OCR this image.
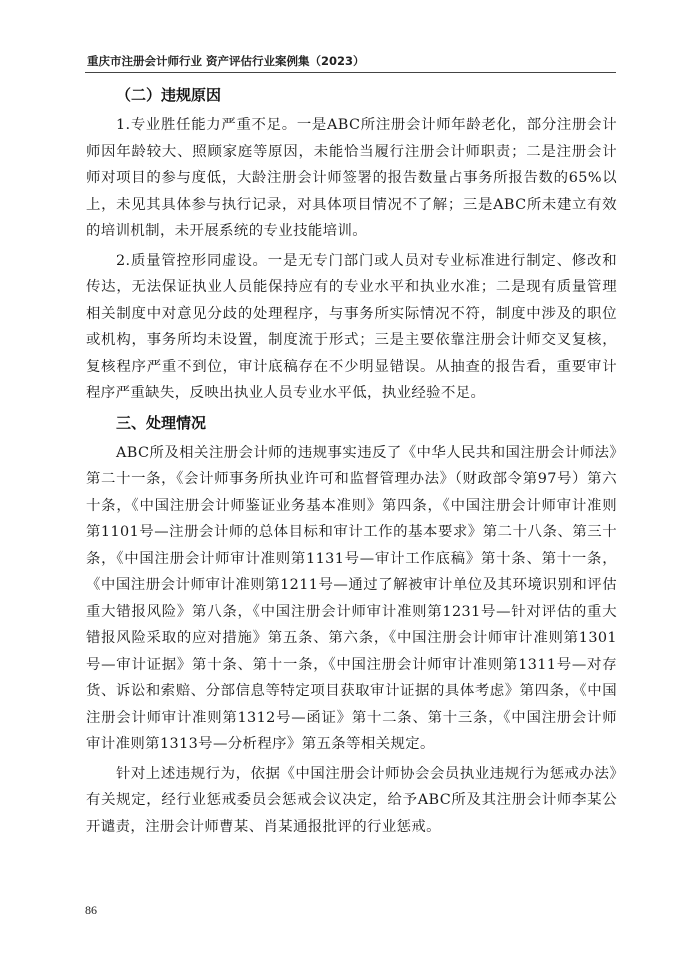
重庆市注册会计师行业 资产评估行业案例集（2023）
（二）违规原因

1.专业胜任能力严重不足。一是ABC所注册会计师年龄老化，部分注册会计师因年龄较大、照顾家庭等原因，未能恰当履行注册会计师职责；二是注册会计师对项目的参与度低，大龄注册会计师签署的报告数量占事务所报告数的65%以上，未见其具体参与执行记录，对具体项目情况不了解；三是ABC所未建立有效的培训机制，未开展系统的专业技能培训。

2.质量管控形同虚设。一是无专门部门或人员对专业标准进行制定、修改和传达，无法保证执业人员能保持应有的专业水平和执业水准；二是现有质量管理相关制度中对意见分歧的处理程序，与事务所实际情况不符，制度中涉及的职位或机构，事务所均未设置，制度流于形式；三是主要依靠注册会计师交叉复核，复核程序严重不到位，审计底稿存在不少明显错误。从抽查的报告看，重要审计程序严重缺失，反映出执业人员专业水平低，执业经验不足。

三、处理情况

ABC所及相关注册会计师的违规事实违反了《中华人民共和国注册会计师法》第二十一条，《会计师事务所执业许可和监督管理办法》（财政部令第97号）第六十条，《中国注册会计师鉴证业务基本准则》第四条，《中国注册会计师审计准则第1101号—注册会计师的总体目标和审计工作的基本要求》第二十八条、第三十条，《中国注册会计师审计准则第1131号—审计工作底稿》第十条、第十一条，《中国注册会计师审计准则第1211号—通过了解被审计单位及其环境识别和评估重大错报风险》第八条，《中国注册会计师审计准则第1231号—针对评估的重大错报风险采取的应对措施》第五条、第六条，《中国注册会计师审计准则第1301号—审计证据》第十条、第十一条，《中国注册会计师审计准则第1311号—对存货、诉讼和索赔、分部信息等特定项目获取审计证据的具体考虑》第四条，《中国注册会计师审计准则第1312号—函证》第十二条、第十三条，《中国注册会计师审计准则第1313号—分析程序》第五条等相关规定。

针对上述违规行为，依据《中国注册会计师协会会员执业违规行为惩戒办法》有关规定，经行业惩戒委员会惩戒会议决定，给予ABC所及其注册会计师李某公开谴责，注册会计师曹某、肖某通报批评的行业惩戒。

86
